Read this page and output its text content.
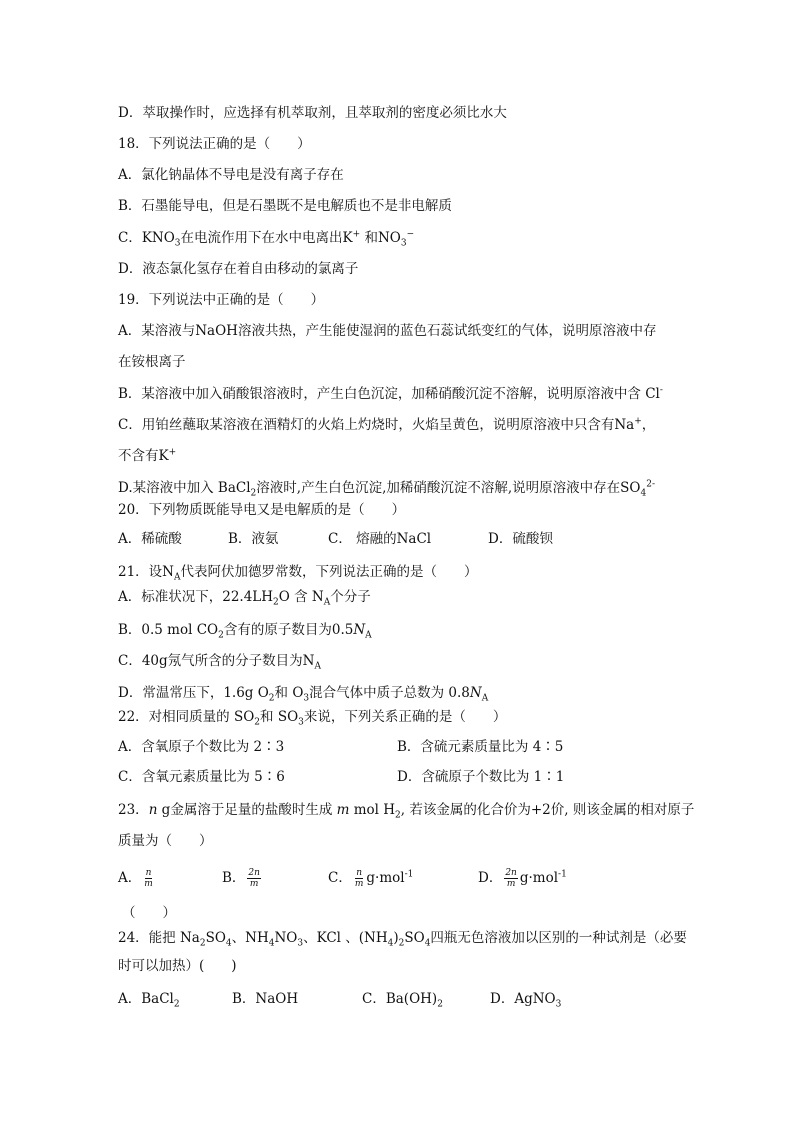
D．萃取操作时，应选择有机萃取剂，且萃取剂的密度必须比水大
18．下列说法正确的是（　　）
A．氯化钠晶体不导电是没有离子存在
B．石墨能导电，但是石墨既不是电解质也不是非电解质
C．$KNO_3$在电流作用下在水中电离出K+ 和$NO_3^-$
D．液态氯化氢存在着自由移动的氯离子
19．下列说法中正确的是（　　）
A．某溶液与NaOH溶液共热，产生能使湿润的蓝色石蕊试纸变红的气体，说明原溶液中存
在铵根离子
B．某溶液中加入硝酸银溶液时，产生白色沉淀，加稀硝酸沉淀不溶解，说明原溶液中含 Cl-
C．用铂丝蘸取某溶液在酒精灯的火焰上灼烧时，火焰呈黄色，说明原溶液中只含有Na+，
不含有K+
D.某溶液中加入 BaCl$_2$溶液时,产生白色沉淀,加稀硝酸沉淀不溶解,说明原溶液中存在$SO_4^{2-}$
20．下列物质既能导电又是电解质的是（　　）
A．稀硫酸	B．液氨	C． 熔融的NaCl	D．硫酸钡
21．设$N_A$代表阿伏加德罗常数，下列说法正确的是（　　）
A．标准状况下，$22.4LH_2O$ 含 $N_A$个分子
B．0.5 mol $CO_2$含有的原子数目为$0.5N_A$
C．40g氖气所含的分子数目为$N_A$
D．常温常压下，1.6g $O_2$和 $O_3$混合气体中质子总数为 $0.8N_A$
22．对相同质量的 $SO_2$和 $SO_3$来说，下列关系正确的是（　　）
A．含氧原子个数比为 2∶3	B．含硫元素质量比为 4∶5
C．含氧元素质量比为 5∶6	D．含硫原子个数比为 1∶1
23．n g金属溶于足量的盐酸时生成 m mol $H_2$, 若该金属的化合价为+2价, 则该金属的相对原子
质量为（　　）
A． $\frac{n}{m}$	B． $\frac{2n}{m}$	C． $\frac{n}{m} g\cdot mol^{-1}$	D． $\frac{2n}{m} g\cdot mol^{-1}$
（　　）
24．能把 $Na_2SO_4$、$NH_4NO_3$、KCl 、$(NH_4)_2SO_4$四瓶无色溶液加以区别的一种试剂是（必要
时可以加热）(　　)
A．BaCl$_2$	B．NaOH	C．$Ba(OH)_2$	D．AgNO$_3$
